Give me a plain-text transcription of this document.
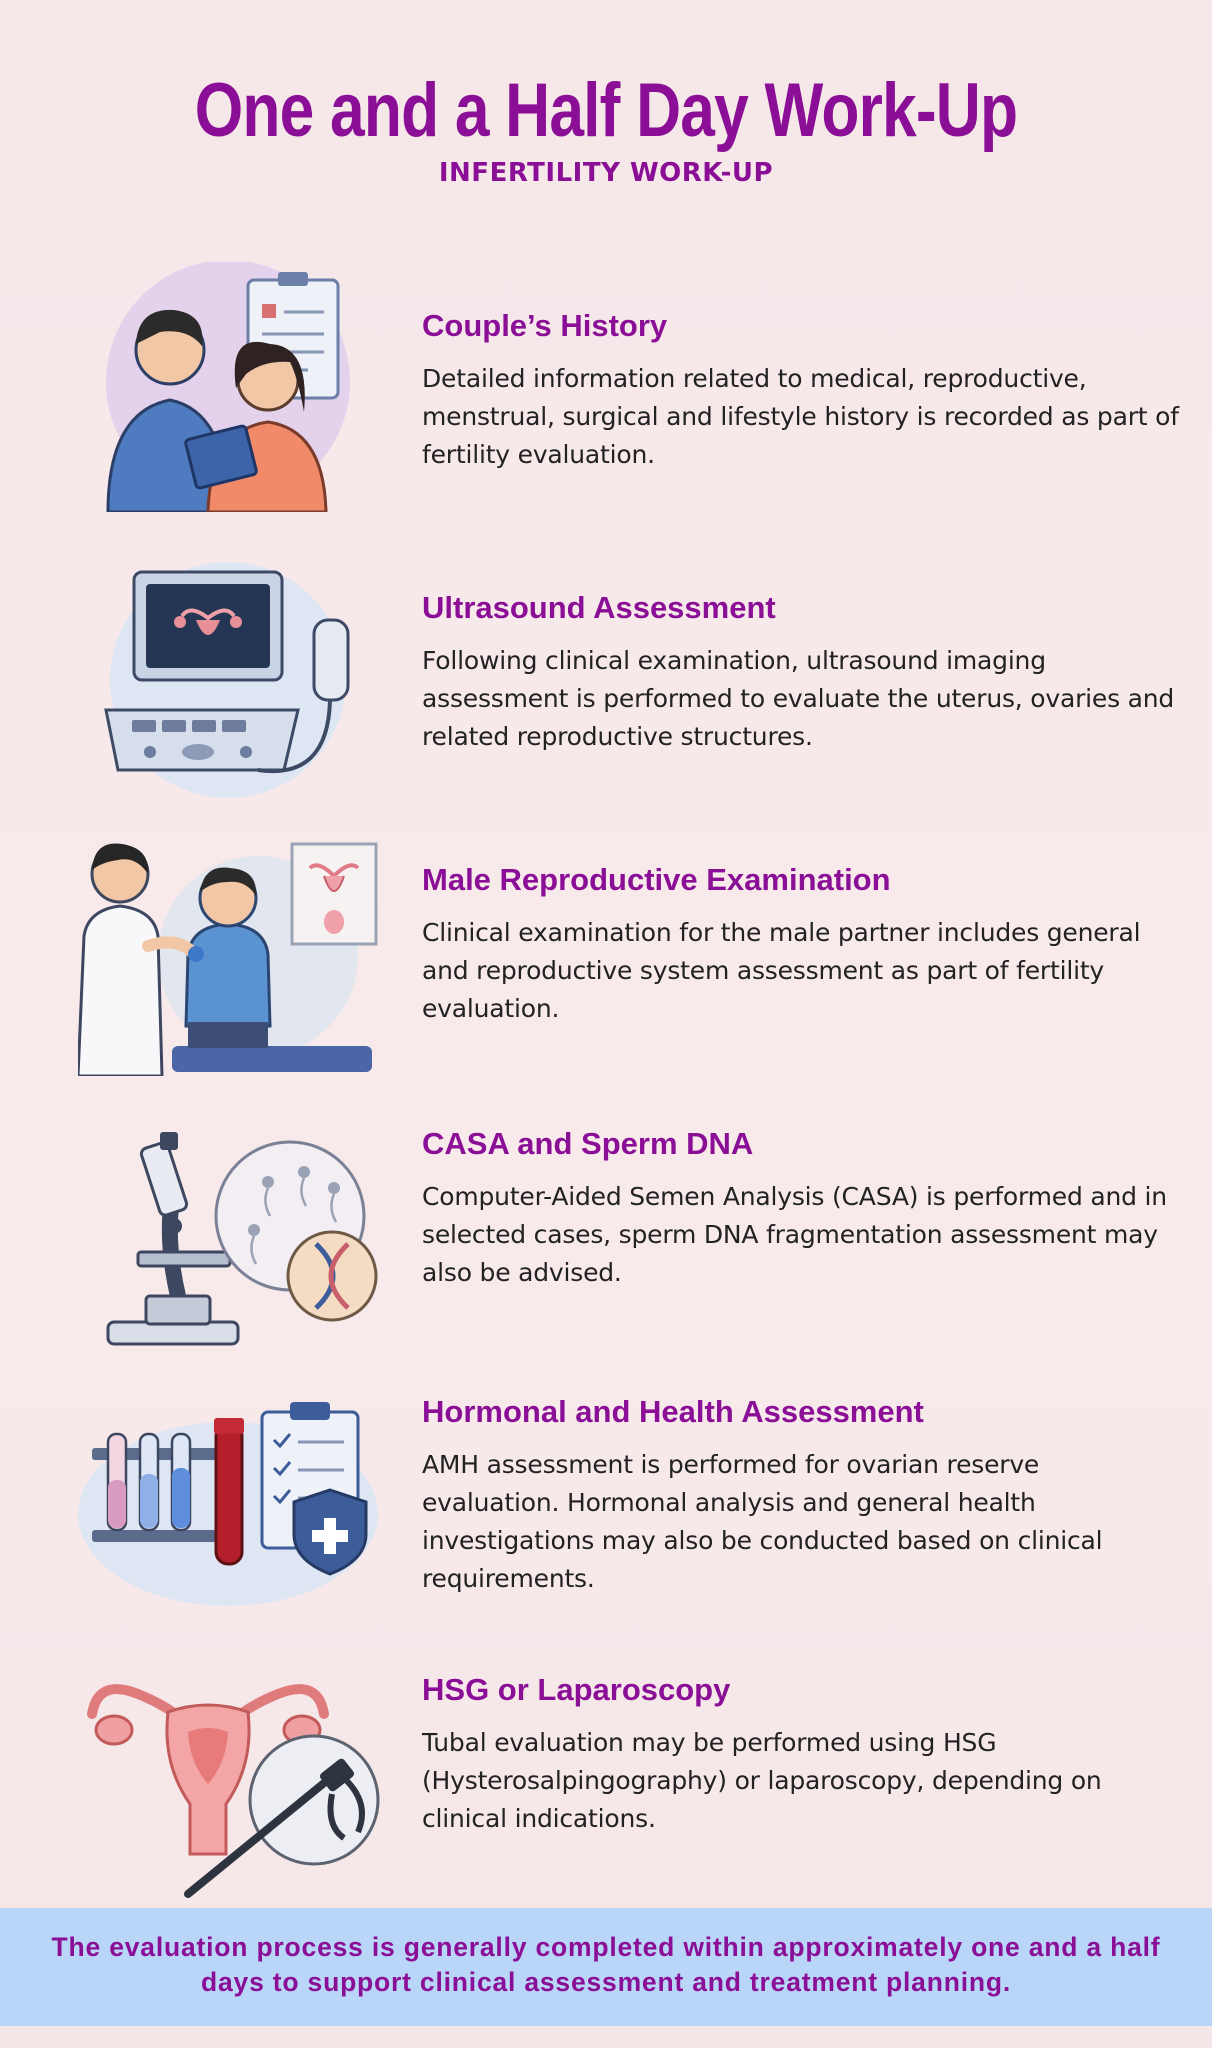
One and a Half Day Work-Up
INFERTILITY WORK-UP
Couple’s History
Detailed information related to medical, reproductive, menstrual, surgical and lifestyle history is recorded as part of fertility evaluation.
Ultrasound Assessment
Following clinical examination, ultrasound imaging assessment is performed to evaluate the uterus, ovaries and related reproductive structures.
Male Reproductive Examination
Clinical examination for the male partner includes general and reproductive system assessment as part of fertility evaluation.
CASA and Sperm DNA
Computer-Aided Semen Analysis (CASA) is performed and in selected cases, sperm DNA fragmentation assessment may also be advised.
Hormonal and Health Assessment
AMH assessment is performed for ovarian reserve evaluation. Hormonal analysis and general health investigations may also be conducted based on clinical requirements.
HSG or Laparoscopy
Tubal evaluation may be performed using HSG (Hysterosalpingography) or laparoscopy, depending on clinical indications.
The evaluation process is generally completed within approximately one and a half days to support clinical assessment and treatment planning.
